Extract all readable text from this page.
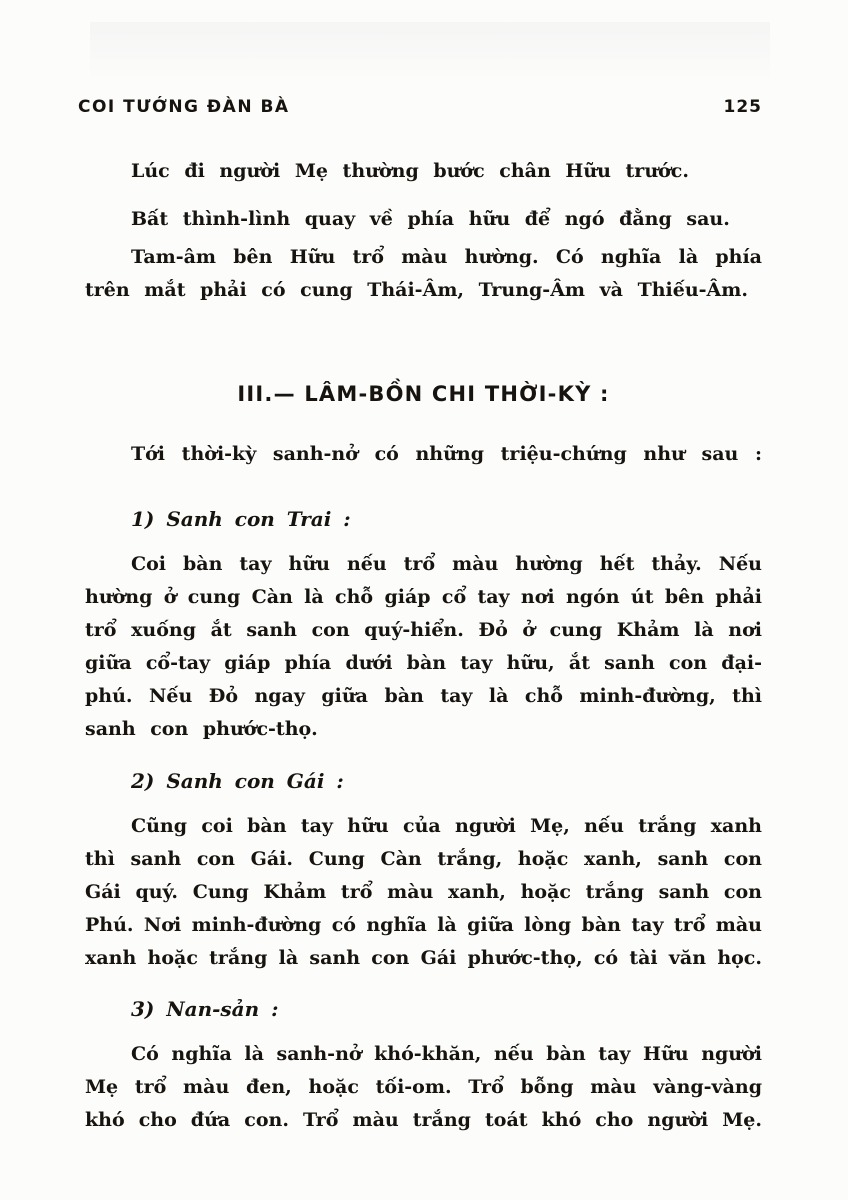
COI TƯỚNG ĐÀN BÀ	125
Lúc đi người Mẹ thường bước chân Hữu trước.
Bất thình-lình quay về phía hữu để ngó đằng sau.
Tam-âm bên Hữu trổ màu hường. Có nghĩa là phía
trên mắt phải có cung Thái-Âm, Trung-Âm và Thiếu-Âm.
III.— LÂM-BỒN CHI THỜI-KỲ :
Tới thời-kỳ sanh-nở có những triệu-chứng như sau :
1) Sanh con Trai :
Coi bàn tay hữu nếu trổ màu hường hết thảy. Nếu
hường ở cung Càn là chỗ giáp cổ tay nơi ngón út bên phải
trổ xuống ắt sanh con quý-hiển. Đỏ ở cung Khảm là nơi
giữa cổ-tay giáp phía dưới bàn tay hữu, ắt sanh con đại-
phú. Nếu Đỏ ngay giữa bàn tay là chỗ minh-đường, thì
sanh con phước-thọ.
2) Sanh con Gái :
Cũng coi bàn tay hữu của người Mẹ, nếu trắng xanh
thì sanh con Gái. Cung Càn trắng, hoặc xanh, sanh con
Gái quý. Cung Khảm trổ màu xanh, hoặc trắng sanh con
Phú. Nơi minh-đường có nghĩa là giữa lòng bàn tay trổ màu
xanh hoặc trắng là sanh con Gái phước-thọ, có tài văn học.
3) Nan-sản :
Có nghĩa là sanh-nở khó-khăn, nếu bàn tay Hữu người
Mẹ trổ màu đen, hoặc tối-om. Trổ bỗng màu vàng-vàng
khó cho đứa con. Trổ màu trắng toát khó cho người Mẹ.
